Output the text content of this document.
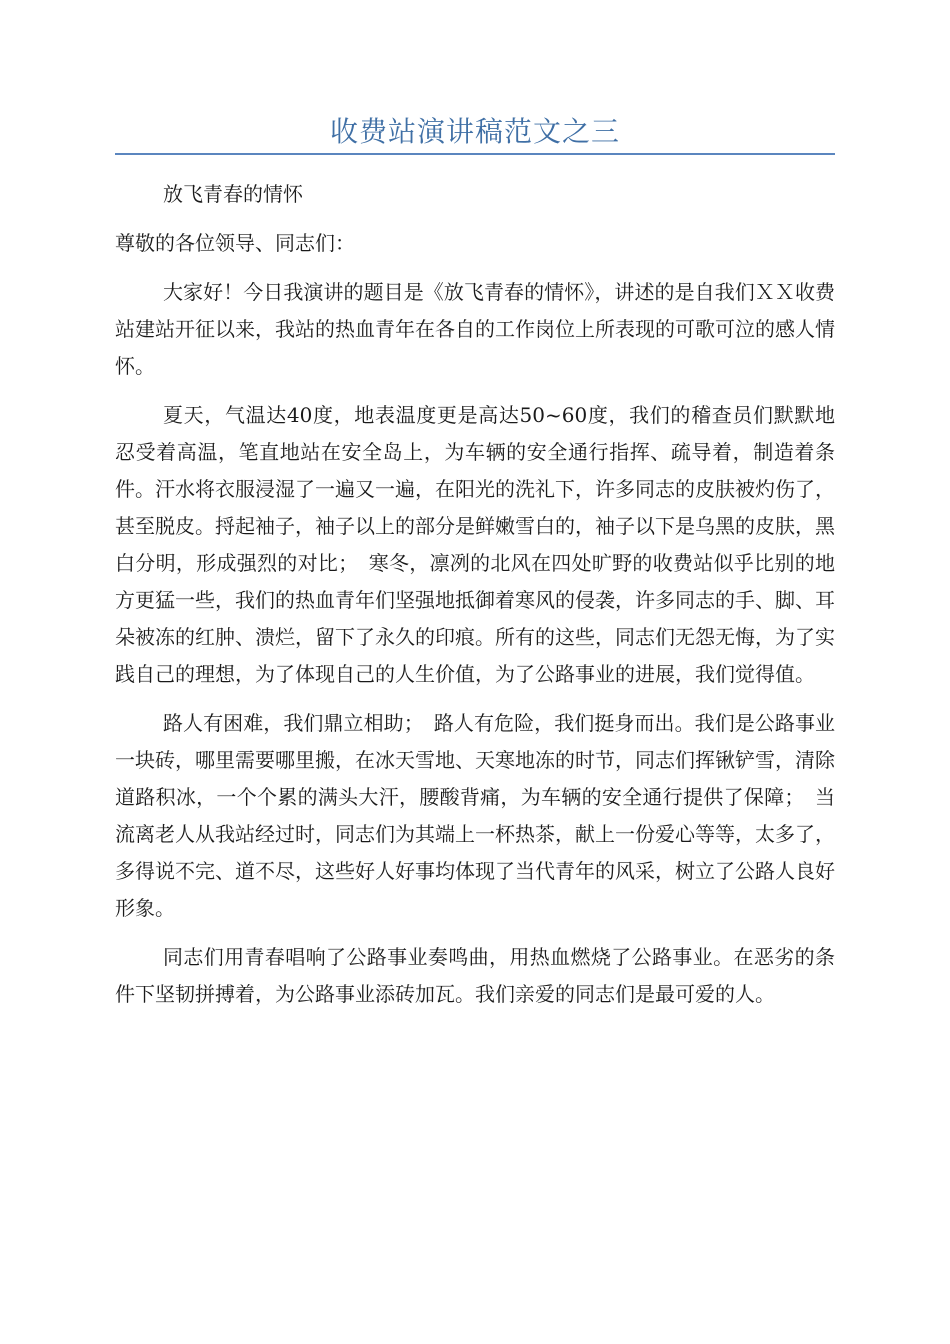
收费站演讲稿范文之三

放飞青春的情怀

尊敬的各位领导、同志们：

大家好！今日我演讲的题目是《放飞青春的情怀》，讲述的是自我们ＸＸ收费站建站开征以来，我站的热血青年在各自的工作岗位上所表现的可歌可泣的感人情怀。

夏天，气温达40度，地表温度更是高达50~60度，我们的稽查员们默默地忍受着高温，笔直地站在安全岛上，为车辆的安全通行指挥、疏导着，制造着条件。汗水将衣服浸湿了一遍又一遍，在阳光的洗礼下，许多同志的皮肤被灼伤了，甚至脱皮。捋起袖子，袖子以上的部分是鲜嫩雪白的，袖子以下是乌黑的皮肤，黑白分明，形成强烈的对比；　寒冬，凛冽的北风在四处旷野的收费站似乎比别的地方更猛一些，我们的热血青年们坚强地抵御着寒风的侵袭，许多同志的手、脚、耳朵被冻的红肿、溃烂，留下了永久的印痕。所有的这些，同志们无怨无悔，为了实践自己的理想，为了体现自己的人生价值，为了公路事业的进展，我们觉得值。

路人有困难，我们鼎立相助；　路人有危险，我们挺身而出。我们是公路事业一块砖，哪里需要哪里搬，在冰天雪地、天寒地冻的时节，同志们挥锹铲雪，清除道路积冰，一个个累的满头大汗，腰酸背痛，为车辆的安全通行提供了保障；　当流离老人从我站经过时，同志们为其端上一杯热茶，献上一份爱心等等，太多了，多得说不完、道不尽，这些好人好事均体现了当代青年的风采，树立了公路人良好形象。

同志们用青春唱响了公路事业奏鸣曲，用热血燃烧了公路事业。在恶劣的条件下坚韧拼搏着，为公路事业添砖加瓦。我们亲爱的同志们是最可爱的人。
